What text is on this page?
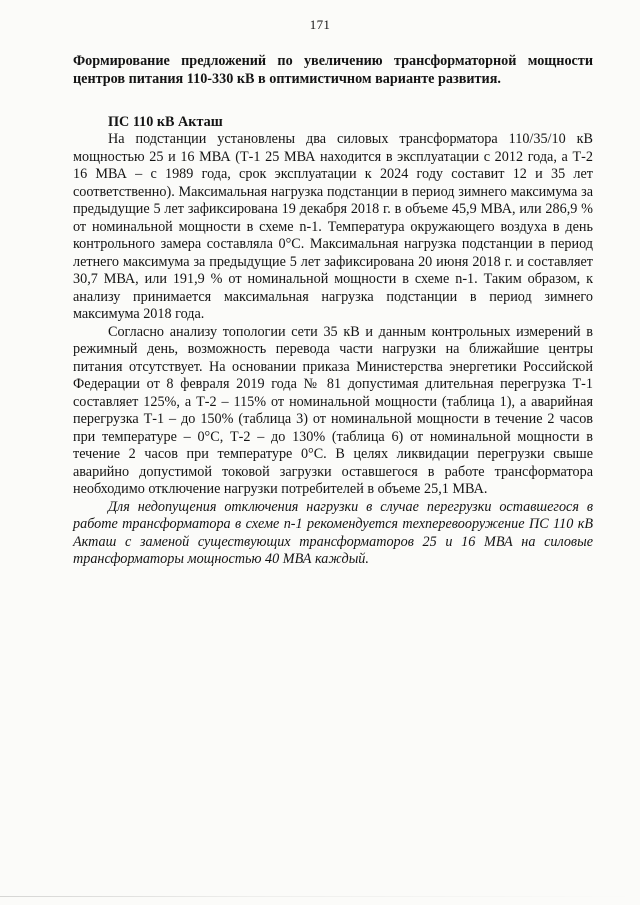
171

Формирование предложений по увеличению трансформаторной мощности центров питания 110-330 кВ в оптимистичном варианте развития.

ПС 110 кВ Акташ

На подстанции установлены два силовых трансформатора 110/35/10 кВ мощностью 25 и 16 МВА (Т-1 25 МВА находится в эксплуатации с 2012 года, а Т-2 16 МВА – с 1989 года, срок эксплуатации к 2024 году составит 12 и 35 лет соответственно). Максимальная нагрузка подстанции в период зимнего максимума за предыдущие 5 лет зафиксирована 19 декабря 2018 г. в объеме 45,9 МВА, или 286,9 % от номинальной мощности в схеме n-1. Температура окружающего воздуха в день контрольного замера составляла 0°С. Максимальная нагрузка подстанции в период летнего максимума за предыдущие 5 лет зафиксирована 20 июня 2018 г. и составляет 30,7 МВА, или 191,9 % от номинальной мощности в схеме n-1. Таким образом, к анализу принимается максимальная нагрузка подстанции в период зимнего максимума 2018 года.

Согласно анализу топологии сети 35 кВ и данным контрольных измерений в режимный день, возможность перевода части нагрузки на ближайшие центры питания отсутствует. На основании приказа Министерства энергетики Российской Федерации от 8 февраля 2019 года № 81 допустимая длительная перегрузка Т-1 составляет 125%, а Т-2 – 115% от номинальной мощности (таблица 1), а аварийная перегрузка Т-1 – до 150% (таблица 3) от номинальной мощности в течение 2 часов при температуре – 0°С, Т-2 – до 130% (таблица 6) от номинальной мощности в течение 2 часов при температуре 0°С. В целях ликвидации перегрузки свыше аварийно допустимой токовой загрузки оставшегося в работе трансформатора необходимо отключение нагрузки потребителей в объеме 25,1 МВА.

Для недопущения отключения нагрузки в случае перегрузки оставшегося в работе трансформатора в схеме n-1 рекомендуется техперевооружение ПС 110 кВ Акташ с заменой существующих трансформаторов 25 и 16 МВА на силовые трансформаторы мощностью 40 МВА каждый.
